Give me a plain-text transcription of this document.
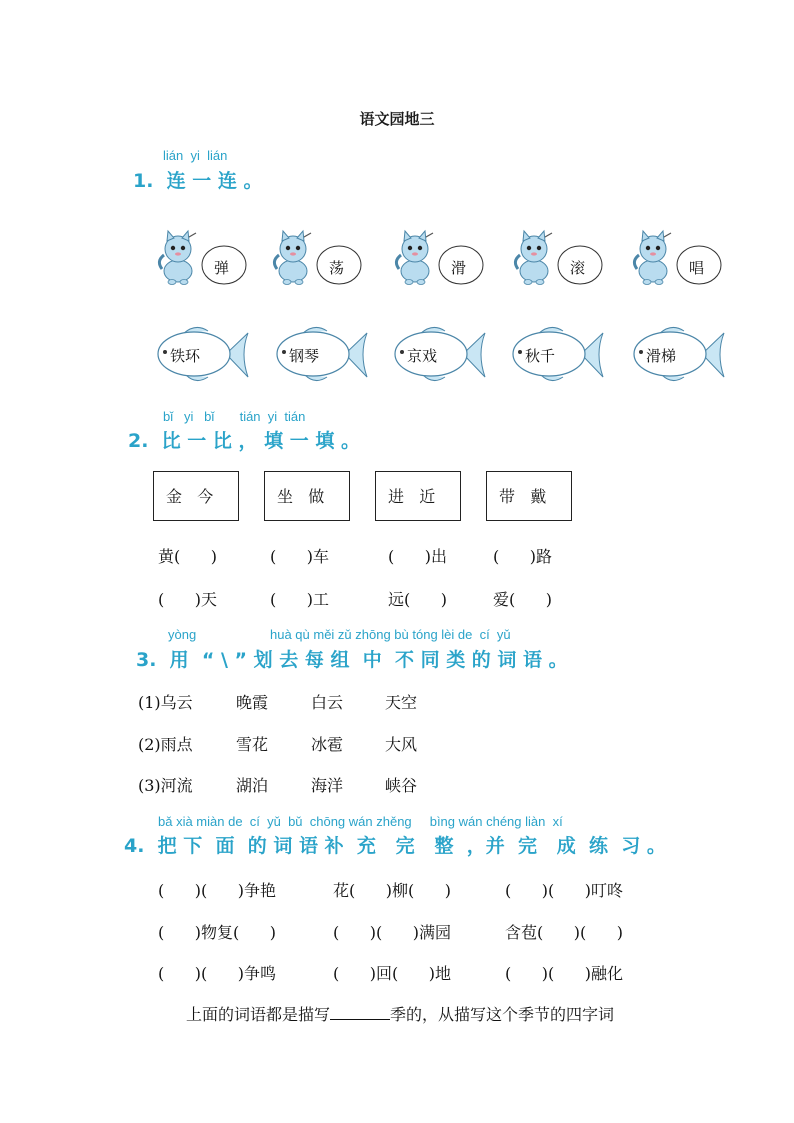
语文园地三
lián  yi  lián
1.  连 一 连 。
弹	荡	滑	滚	唱
铁环	钢琴	京戏	秋千	滑梯
bǐ   yi   bǐ       tián  yi  tián
2.  比 一 比 ， 填 一 填 。
金   今	坐   做	进   近	带   戴
黄(      )	(      )车	(      )出	(      )路
(      )天	(      )工	远(      )	爱(      )
yòng	huà qù měi zǔ zhōng bù tóng lèi de  cí  yǔ
3.  用  “ \ ” 划 去 每 组  中  不 同 类 的 词 语 。
(1)乌云	晚霞	白云	天空
(2)雨点	雪花	冰雹	大风
(3)河流	湖泊	海洋	峡谷
bǎ xià miàn de  cí  yǔ  bǔ  chōng wán zhěng     bìng wán chéng liàn  xí
4.  把 下  面  的 词 语 补  充   完   整  ，并  完   成  练  习 。
(      )(      )争艳	花(      )柳(      )	(      )(      )叮咚
(      )物复(      )	(      )(      )满园	含苞(      )(      )
(      )(      )争鸣	(      )回(      )地	(      )(      )融化
上面的词语都是描写	季的，从描写这个季节的四字词
